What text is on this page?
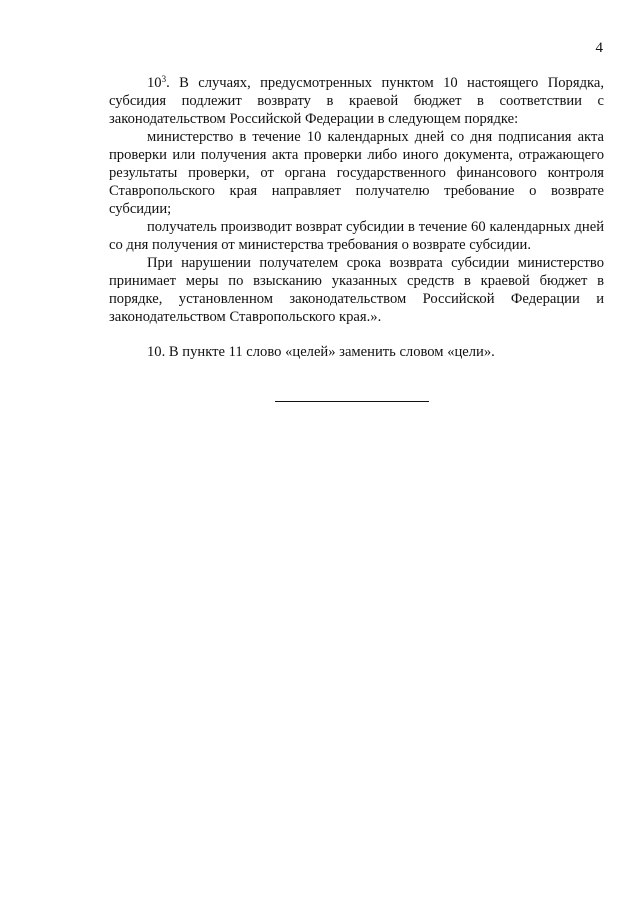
4

$10^3$. В случаях, предусмотренных пунктом 10 настоящего Порядка, субсидия подлежит возврату в краевой бюджет в соответствии с законодательством Российской Федерации в следующем порядке:

министерство в течение 10 календарных дней со дня подписания акта проверки или получения акта проверки либо иного документа, отражающего результаты проверки, от органа государственного финансового контроля Ставропольского края направляет получателю требование о возврате субсидии;

получатель производит возврат субсидии в течение 60 календарных дней со дня получения от министерства требования о возврате субсидии.

При нарушении получателем срока возврата субсидии министерство принимает меры по взысканию указанных средств в краевой бюджет в порядке, установленном законодательством Российской Федерации и законодательством Ставропольского края.».

10. В пункте 11 слово «целей» заменить словом «цели».
